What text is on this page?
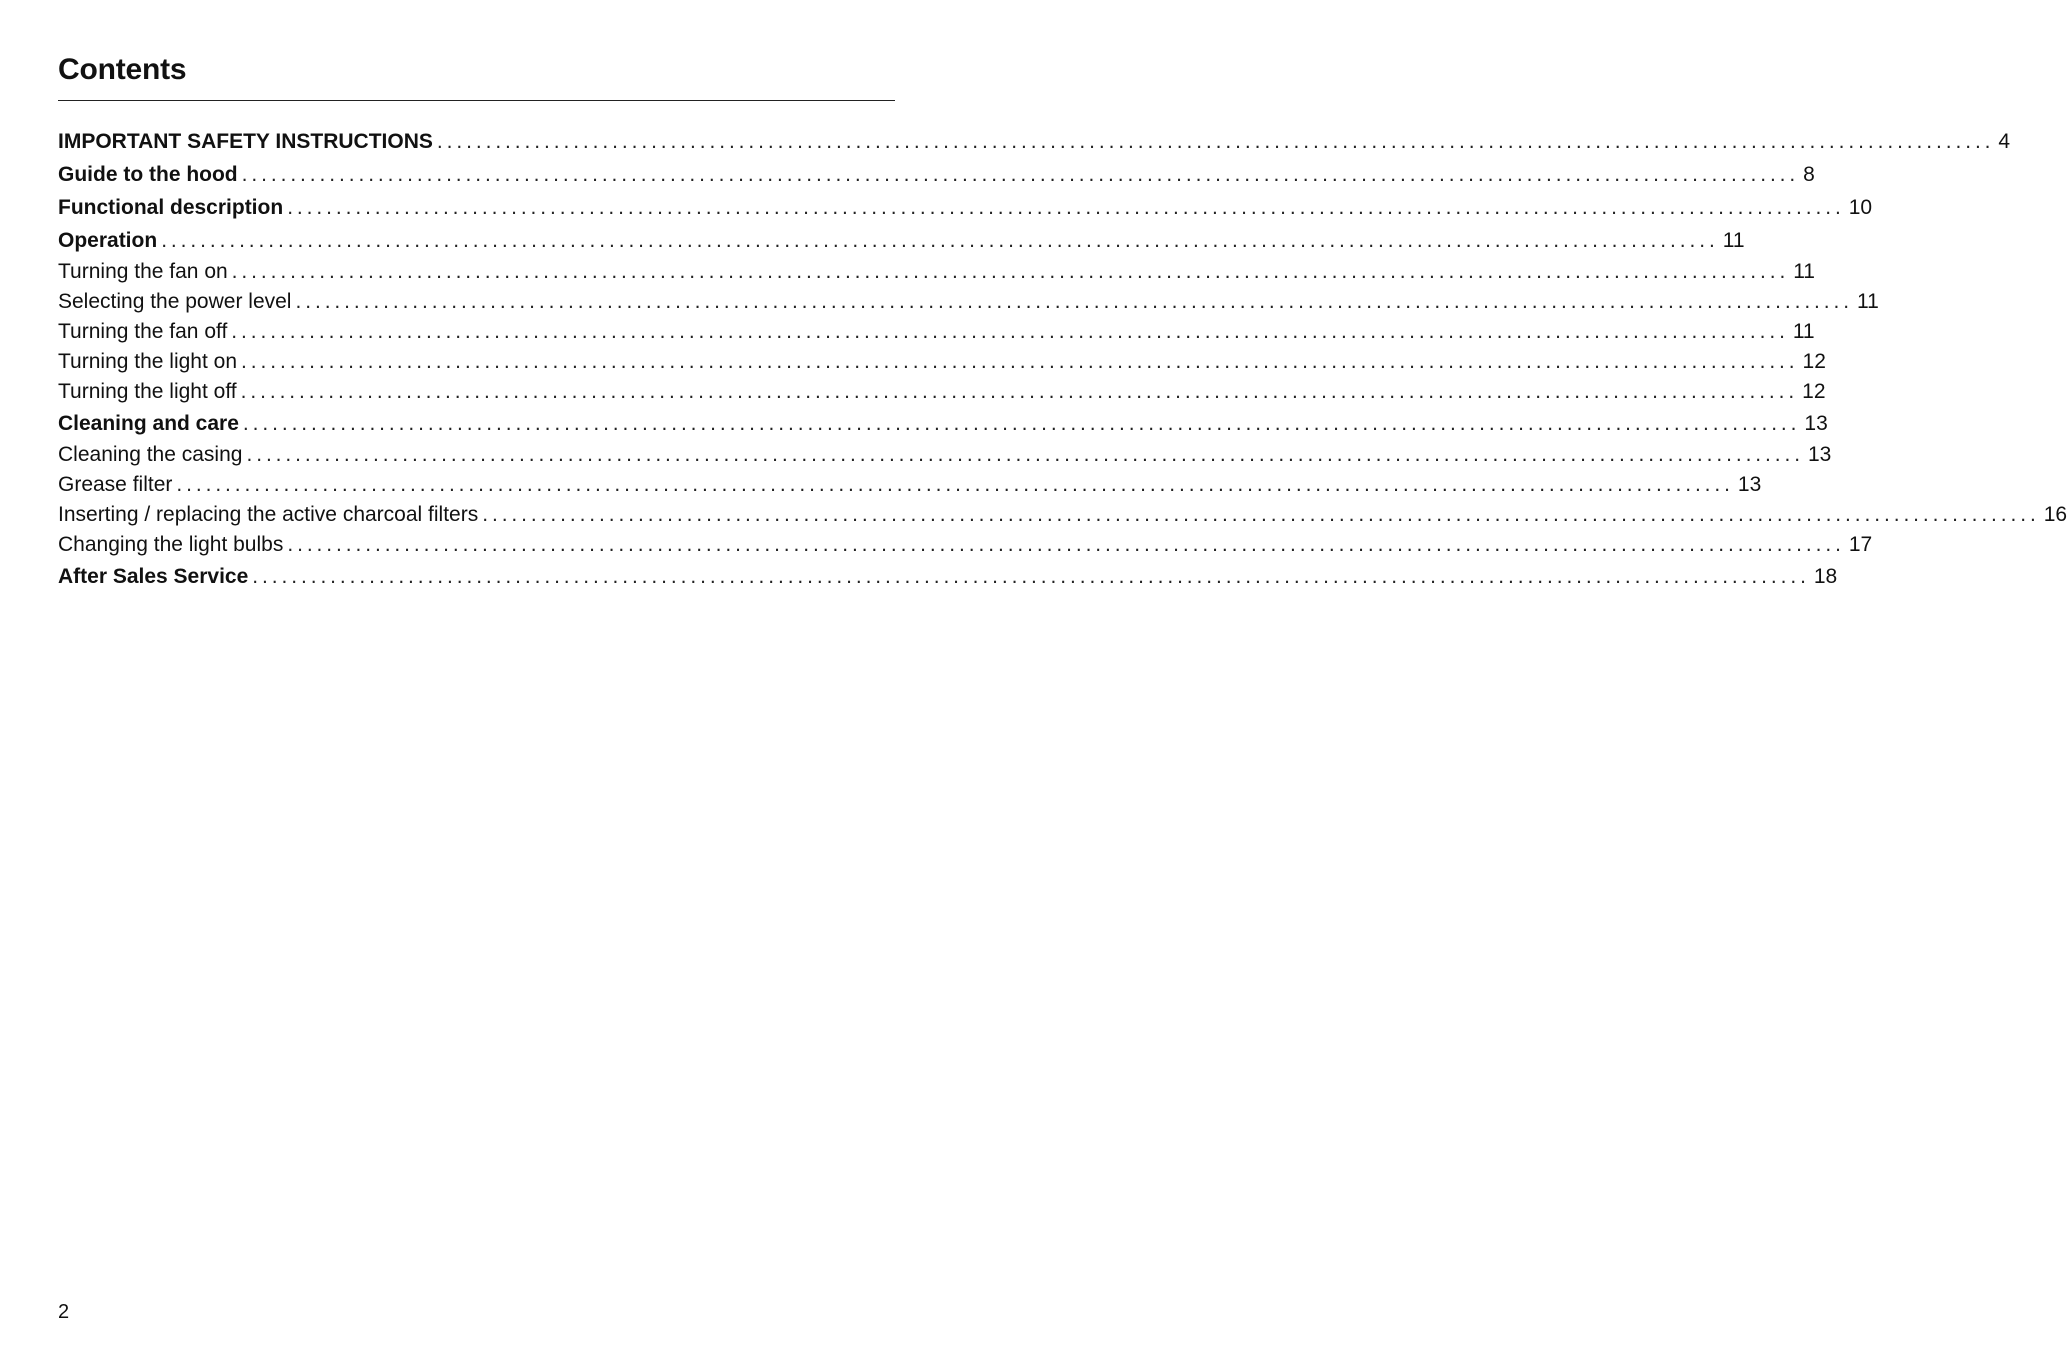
Contents
IMPORTANT SAFETY INSTRUCTIONS ................................................................................................................................................................ 4
Guide to the hood ................................................................................................................................................................ 8
Functional description ................................................................................................................................................................ 10
Operation ................................................................................................................................................................ 11
Turning the fan on ................................................................................................................................................................ 11
Selecting the power level ................................................................................................................................................................ 11
Turning the fan off ................................................................................................................................................................ 11
Turning the light on ................................................................................................................................................................ 12
Turning the light off ................................................................................................................................................................ 12
Cleaning and care ................................................................................................................................................................ 13
Cleaning the casing ................................................................................................................................................................ 13
Grease filter ................................................................................................................................................................ 13
Inserting / replacing the active charcoal filters ................................................................................................................................................................ 16
Changing the light bulbs ................................................................................................................................................................ 17
After Sales Service ................................................................................................................................................................ 18
2
